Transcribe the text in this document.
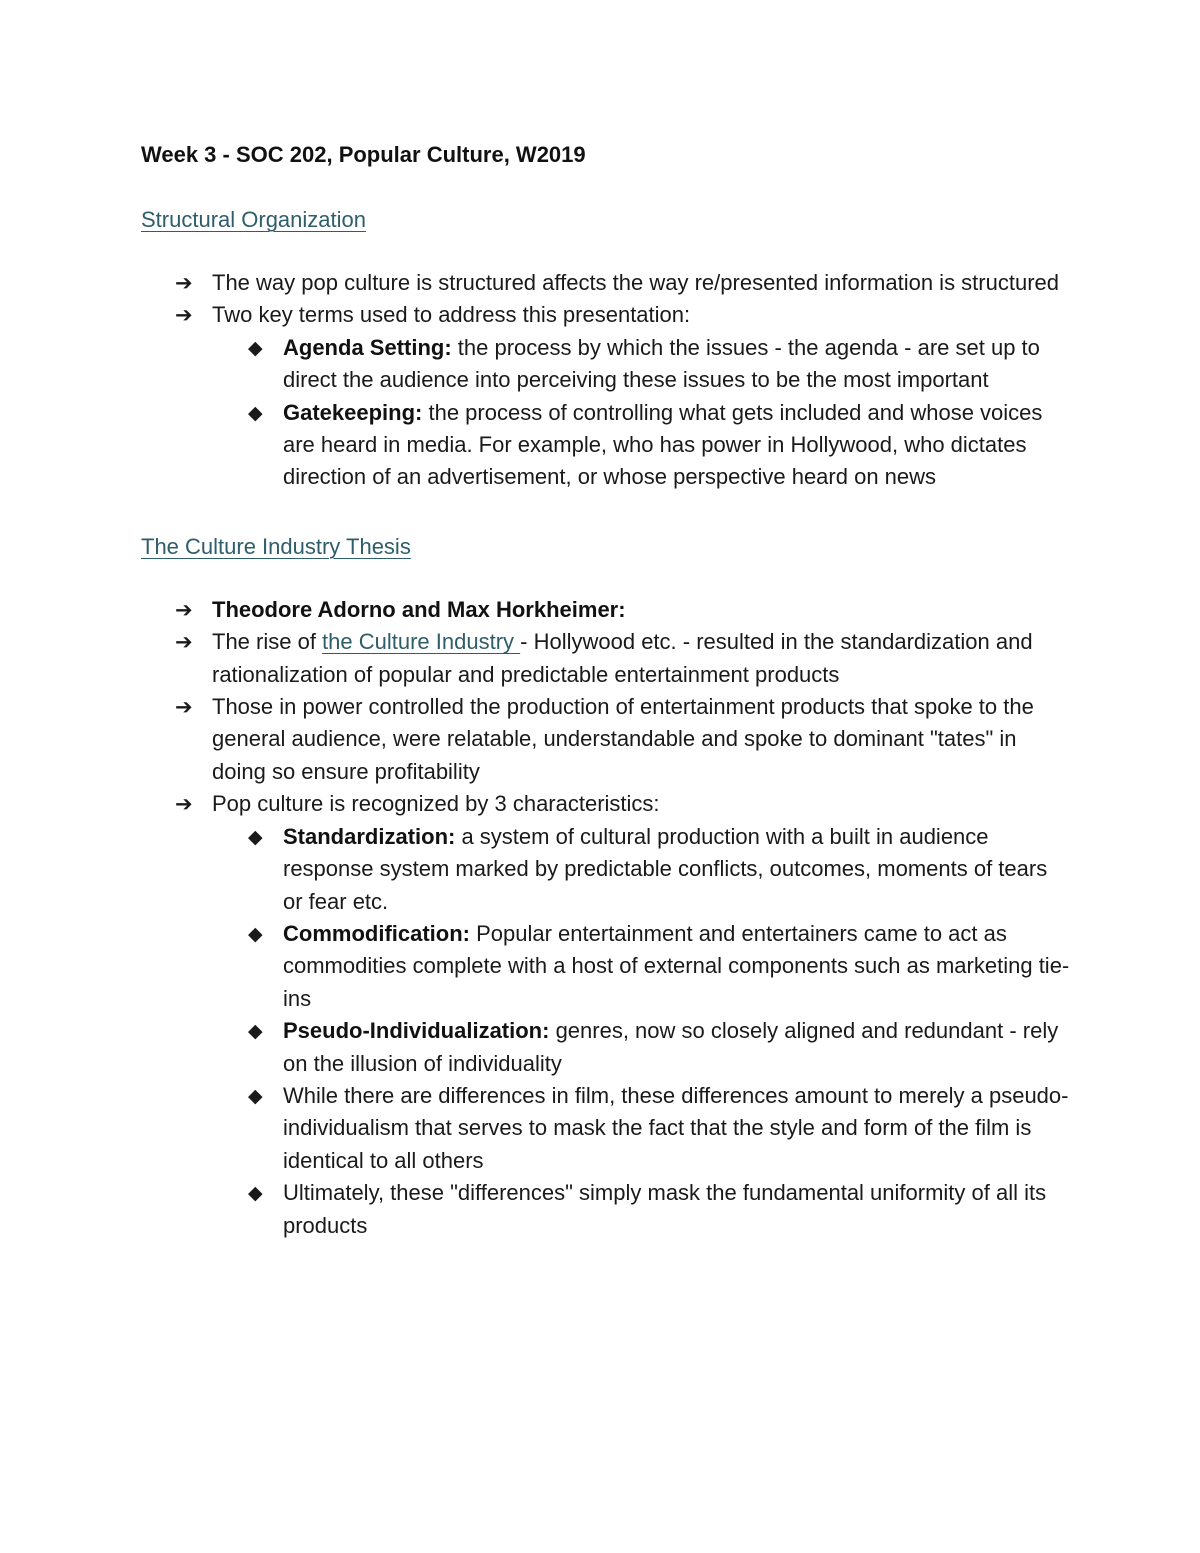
Week 3 - SOC 202, Popular Culture, W2019
Structural Organization
➔ The way pop culture is structured affects the way re/presented information is structured
➔ Two key terms used to address this presentation:
◆ Agenda Setting: the process by which the issues - the agenda - are set up to direct the audience into perceiving these issues to be the most important
◆ Gatekeeping: the process of controlling what gets included and whose voices are heard in media. For example, who has power in Hollywood, who dictates direction of an advertisement, or whose perspective heard on news
The Culture Industry Thesis
➔ Theodore Adorno and Max Horkheimer:
➔ The rise of the Culture Industry - Hollywood etc. - resulted in the standardization and rationalization of popular and predictable entertainment products
➔ Those in power controlled the production of entertainment products that spoke to the general audience, were relatable, understandable and spoke to dominant "tates" in doing so ensure profitability
➔ Pop culture is recognized by 3 characteristics:
◆ Standardization: a system of cultural production with a built in audience response system marked by predictable conflicts, outcomes, moments of tears or fear etc.
◆ Commodification: Popular entertainment and entertainers came to act as commodities complete with a host of external components such as marketing tie-ins
◆ Pseudo-Individualization: genres, now so closely aligned and redundant - rely on the illusion of individuality
◆ While there are differences in film, these differences amount to merely a pseudo-individualism that serves to mask the fact that the style and form of the film is identical to all others
◆ Ultimately, these "differences" simply mask the fundamental uniformity of all its products
